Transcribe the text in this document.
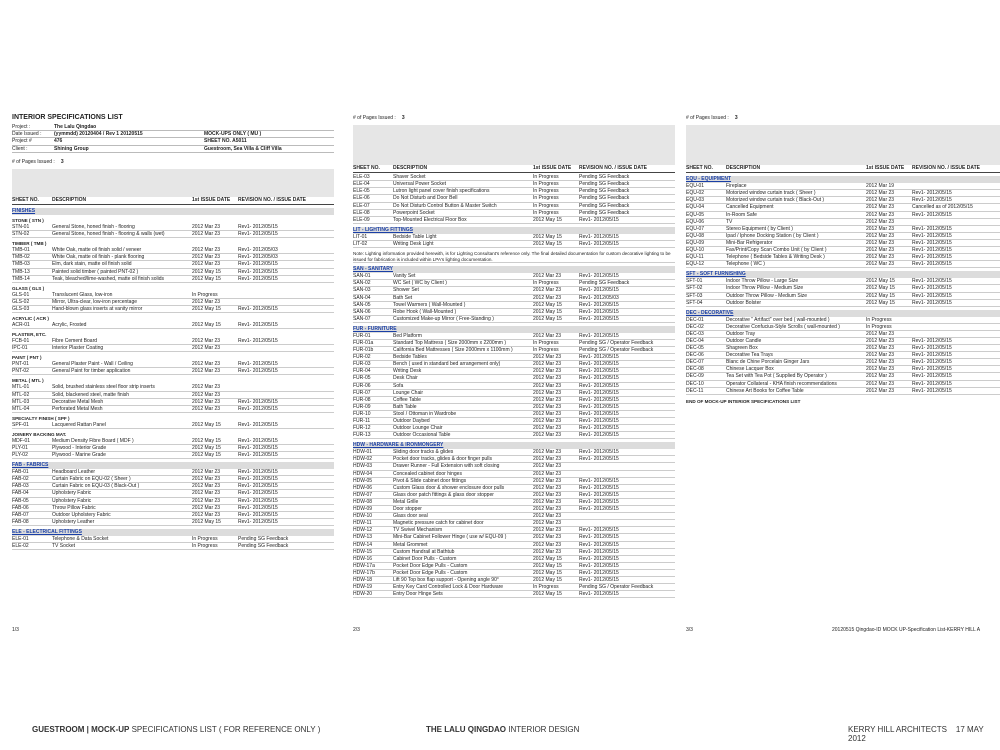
INTERIOR SPECIFICATIONS LIST
Project :	The Lalu Qingdao
Date Issued :	(yymmdd) 20120404 / Rev 1 20120515	MOCK-UPS ONLY ( MU )
Project #	476	SHEET NO. A5011
Client :	Shining Group	Guestroom, Sea Villa & Cliff Villa
# of Pages Issued : 3
SHEET NO.	DESCRIPTION	1st ISSUE DATE	REVISION NO. / ISSUE DATE
FINISHES
STONE ( STN )
STN-01	General Stone, honed finish - flooring	2012 Mar 23	Rev1- 2012/05/15
STN-02	General Stone, honed finish - flooring & walls (wet)	2012 Mar 23	Rev1- 2012/05/15
TIMBER ( TMB )
TMB-01	White Oak, matte oil finish solid / veneer	2012 Mar 23	Rev1- 2012/05/03
TMB-02	White Oak, matte oil finish - plank flooring	2012 Mar 23	Rev1- 2012/05/03
TMB-03	Elm, dark stain, matte oil finish solid	2012 Mar 23	Rev1- 2012/05/15
TMB-13	Painted solid timber ( painted PNT-02 )	2012 May 15	Rev1- 2012/05/15
TMB-14	Teak, bleached/lime-washed, matte oil finish solids	2012 May 15	Rev1- 2012/05/15
GLASS ( GLS )
GLS-01	Translucent Glass, low-iron	In Progress
GLS-02	Mirror, Ultra-clear, low-iron percentage	2012 Mar 23
GLS-03	Hand-blown glass inserts at vanity mirror	2012 May 15	Rev1- 2012/05/15
ACRYLIC ( ACR )
ACR-01	Acrylic, Frosted	2012 May 15	Rev1- 2012/05/15
PLASTER, ETC.
FCB-01	Fibre Cement Board	2012 Mar 23	Rev1- 2012/05/15
IPC-01	Interior Plaster Coating	2012 Mar 23
PAINT ( PNT )
PNT-01	General Plaster Paint - Wall / Ceiling	2012 Mar 23	Rev1- 2012/05/15
PNT-02	General Paint for timber application	2012 Mar 23	Rev1- 2012/05/15
METAL ( MTL )
MTL-01	Solid, brushed stainless steel floor strip inserts	2012 Mar 23
MTL-02	Solid, blackened steel, matte finish	2012 Mar 23
MTL-03	Decorative Metal Mesh	2012 Mar 23	Rev1- 2012/05/15
MTL-04	Perforated Metal Mesh	2012 Mar 23	Rev1- 2012/05/15
SPECIALTY FINISH ( SPF )
SPF-01	Lacquered Rattan Panel	2012 May 15	Rev1- 2012/05/15
JOINERY BACKING MAT.
MDF-01	Medium Density Fibre Board ( MDF )	2012 May 15	Rev1- 2012/05/15
PLY-01	Plywood - Interior Grade	2012 May 15	Rev1- 2012/05/15
PLY-02	Plywood - Marine Grade	2012 May 15	Rev1- 2012/05/15
FAB - FABRICS
FAB-01	Headboard Leather	2012 Mar 23	Rev1- 2012/05/15
FAB-02	Curtain Fabric on EQU-02 ( Sheer )	2012 Mar 23	Rev1- 2012/05/15
FAB-03	Curtain Fabric on EQU-03 ( Black-Out )	2012 Mar 23	Rev1- 2012/05/15
FAB-04	Upholstery Fabric	2012 Mar 23	Rev1- 2012/05/15
FAB-05	Upholstery Fabric	2012 Mar 23	Rev1- 2012/05/15
FAB-06	Throw Pillow Fabric	2012 Mar 23	Rev1- 2012/05/15
FAB-07	Outdoor Upholstery Fabric	2012 Mar 23	Rev1- 2012/05/15
FAB-08	Upholstery Leather	2012 May 15	Rev1- 2012/05/15
ELE - ELECTRICAL FITTINGS
ELE-01	Telephone & Data Socket	In Progress	Pending SG Feedback
ELE-02	TV Socket	In Progress	Pending SG Feedback
# of Pages Issued : 3
SHEET NO.	DESCRIPTION	1st ISSUE DATE	REVISION NO. / ISSUE DATE
ELE-03	Shaver Socket	In Progress	Pending SG Feedback
ELE-04	Universal Power Socket	In Progress	Pending SG Feedback
ELE-05	Lutron light panel cover finish specifications	In Progress	Pending SG Feedback
ELE-06	Do Not Disturb and Door Bell	In Progress	Pending SG Feedback
ELE-07	Do Not Disturb Control Button & Master Switch	In Progress	Pending SG Feedback
ELE-08	Powerpoint Socket	In Progress	Pending SG Feedback
ELE-09	Top-Mounted Electrical Floor Box	2012 May 15	Rev1- 2012/05/15
LIT - LIGHTING FITTINGS
LIT-01	Bedside Table Light	2012 May 15	Rev1- 2012/05/15
LIT-02	Writing Desk Light	2012 May 15	Rev1- 2012/05/15
Note: Lighting information provided herewith, is for Lighting Consultant's reference only. The final detailed documentation for custom decorative lighting to be issued for fabrication is included within LPA's lighting documentation.
SAN - SANITARY
SAN-01	Vanity Set	2012 Mar 23	Rev1- 2012/05/15
SAN-02	WC Set ( WC by Client )	In Progress	Pending SG Feedback
SAN-03	Shower Set	2012 Mar 23	Rev1- 2012/05/15
SAN-04	Bath Set	2012 Mar 23	Rev1- 2012/05/03
SAN-05	Towel Warmers ( Wall-Mounted )	2012 May 15	Rev1- 2012/05/15
SAN-06	Robe Hook ( Wall-Mounted )	2012 May 15	Rev1- 2012/05/15
SAN-07	Customized Make-up Mirror ( Free-Standing )	2012 May 15	Rev1- 2012/05/15
FUR - FURNITURE
FUR-01	Bed Platform	2012 Mar 23	Rev1- 2012/05/15
FUR-01a	Standard Top Mattress ( Size 2000mm x 2200mm )	In Progress	Pending SG / Operator Feedback
FUR-01b	California Bed Mattresses ( Size 2000mm x 1100mm )	In Progress	Pending SG / Operator Feedback
FUR-02	Bedside Tables	2012 Mar 23	Rev1- 2012/05/15
FUR-03	Bench ( used in standard bed arrangement only)	2012 Mar 23	Rev1- 2012/05/15
FUR-04	Writing Desk	2012 Mar 23	Rev1- 2012/05/15
FUR-05	Desk Chair	2012 Mar 23	Rev1- 2012/05/15
FUR-06	Sofa	2012 Mar 23	Rev1- 2012/05/15
FUR-07	Lounge Chair	2012 Mar 23	Rev1- 2012/05/15
FUR-08	Coffee Table	2012 Mar 23	Rev1- 2012/05/15
FUR-09	Bath Table	2012 Mar 23	Rev1- 2012/05/15
FUR-10	Stool / Ottoman in Wardrobe	2012 Mar 23	Rev1- 2012/05/15
FUR-11	Outdoor Daybed	2012 Mar 23	Rev1- 2012/05/15
FUR-12	Outdoor Lounge Chair	2012 Mar 23	Rev1- 2012/05/15
FUR-13	Outdoor Occasional Table	2012 Mar 23	Rev1- 2012/05/15
HDW - HARDWARE & IRONMONGERY
HDW-01	Sliding door tracks & glides	2012 Mar 23	Rev1- 2012/05/15
HDW-02	Pocket door tracks, glides & door finger pulls	2012 Mar 23	Rev1- 2012/05/15
HDW-03	Drawer Runner - Full Extension with soft closing	2012 Mar 23
HDW-04	Concealed cabinet door hinges	2012 Mar 23
HDW-05	Pivot & Slide cabinet door fittings	2012 Mar 23	Rev1- 2012/05/15
HDW-06	Custom Glass door & shower enclosure door pulls	2012 Mar 23	Rev1- 2012/05/15
HDW-07	Glass door patch fittings & glass door stopper	2012 Mar 23	Rev1- 2012/05/15
HDW-08	Metal Grille	2012 Mar 23	Rev1- 2012/05/15
HDW-09	Door stopper	2012 Mar 23	Rev1- 2012/05/15
HDW-10	Glass door seal	2012 Mar 23
HDW-11	Magnetic pressure catch for cabinet door	2012 Mar 23
HDW-12	TV Swivel Mechanism	2012 Mar 23	Rev1- 2012/05/15
HDW-13	Mini-Bar Cabinet Follower Hinge ( use w/ EQU-09 )	2012 Mar 23	Rev1- 2012/05/15
HDW-14	Metal Grommet	2012 Mar 23	Rev1- 2012/05/15
HDW-15	Custom Handrail at Bathtub	2012 Mar 23	Rev1- 2012/05/15
HDW-16	Cabinet Door Pulls - Custom	2012 May 15	Rev1- 2012/05/15
HDW-17a	Pocket Door Edge Pulls - Custom	2012 May 15	Rev1- 2012/05/15
HDW-17b	Pocket Door Edge Pulls - Custom	2012 May 15	Rev1- 2012/05/15
HDW-18	Lift 90 Top box flap support - Opening angle 90°	2012 May 15	Rev1- 2012/05/15
HDW-19	Entry Key Card Controlled Lock & Door Hardware	In Progress	Pending SG / Operator Feedback
HDW-20	Entry Door Hinge Sets	2012 May 15	Rev1- 2012/05/15
# of Pages Issued : 3
SHEET NO.	DESCRIPTION	1st ISSUE DATE	REVISION NO. / ISSUE DATE
EQU - EQUIPMENT
EQU-01	Fireplace	2012 Mar 19
EQU-02	Motorized window curtain track ( Sheer )	2012 Mar 23	Rev1- 2012/05/15
EQU-03	Motorized window curtain track ( Black-Out )	2012 Mar 23	Rev1- 2012/05/15
EQU-04	Cancelled Equipment	2012 Mar 23	Cancelled as of 2012/05/15
EQU-05	In-Room Safe	2012 Mar 23	Rev1- 2012/05/15
EQU-06	TV	2012 Mar 23
EQU-07	Stereo Equipment ( by Client )	2012 Mar 23	Rev1- 2012/05/15
EQU-08	Ipad / Iphone Docking Station ( by Client )	2012 Mar 23	Rev1- 2012/05/15
EQU-09	Mini-Bar Refrigerator	2012 Mar 23	Rev1- 2012/05/15
EQU-10	Fax/Print/Copy Scan Combo Unit ( by Client )	2012 Mar 23	Rev1- 2012/05/15
EQU-11	Telephone ( Bedside Tables & Writing Desk )	2012 Mar 23	Rev1- 2012/05/15
EQU-12	Telephone ( WC )	2012 Mar 23	Rev1- 2012/05/15
SFT - SOFT FURNISHING
SFT-01	Indoor Throw Pillow - Large Size	2012 May 15	Rev1- 2012/05/15
SFT-02	Indoor Throw Pillow - Medium Size	2012 May 15	Rev1- 2012/05/15
SFT-03	Outdoor Throw Pillow - Medium Size	2012 May 15	Rev1- 2012/05/15
SFT-04	Outdoor Bolster	2012 May 15	Rev1- 2012/05/15
DEC - DECORATIVE
DEC-01	Decorative " Artifact" over bed ( wall-mounted )	In Progress
DEC-02	Decorative Confucius-Style Scrolls ( wall-mounted )	In Progress
DEC-03	Outdoor Tray	2012 Mar 23
DEC-04	Outdoor Candle	2012 Mar 23	Rev1- 2012/05/15
DEC-05	Shagreen Box	2012 Mar 23	Rev1- 2012/05/15
DEC-06	Decorative Tea Trays	2012 Mar 23	Rev1- 2012/05/15
DEC-07	Blanc de Chine Porcelain Ginger Jars	2012 Mar 23	Rev1- 2012/05/15
DEC-08	Chinese Lacquer Box	2012 Mar 23	Rev1- 2012/05/15
DEC-09	Tea Set with Tea Pot ( Supplied By Operator )	2012 Mar 23	Rev1- 2012/05/15
DEC-10	Operator Collateral - KHA finish recommendations	2012 Mar 23	Rev1- 2012/05/15
DEC-11	Chinese Art Books for Coffee Table	2012 Mar 23	Rev1- 2012/05/15
END OF MOCK-UP INTERIOR SPECIFICATIONS LIST
1/3	2/3	3/3	20120515 Qingdao-ID MOCK UP-Specification List-KERRY HILL A
GUESTROOM | MOCK-UP SPECIFICATIONS LIST ( FOR REFERENCE ONLY )	THE LALU QINGDAO INTERIOR DESIGN	KERRY HILL ARCHITECTS 17 MAY 2012
